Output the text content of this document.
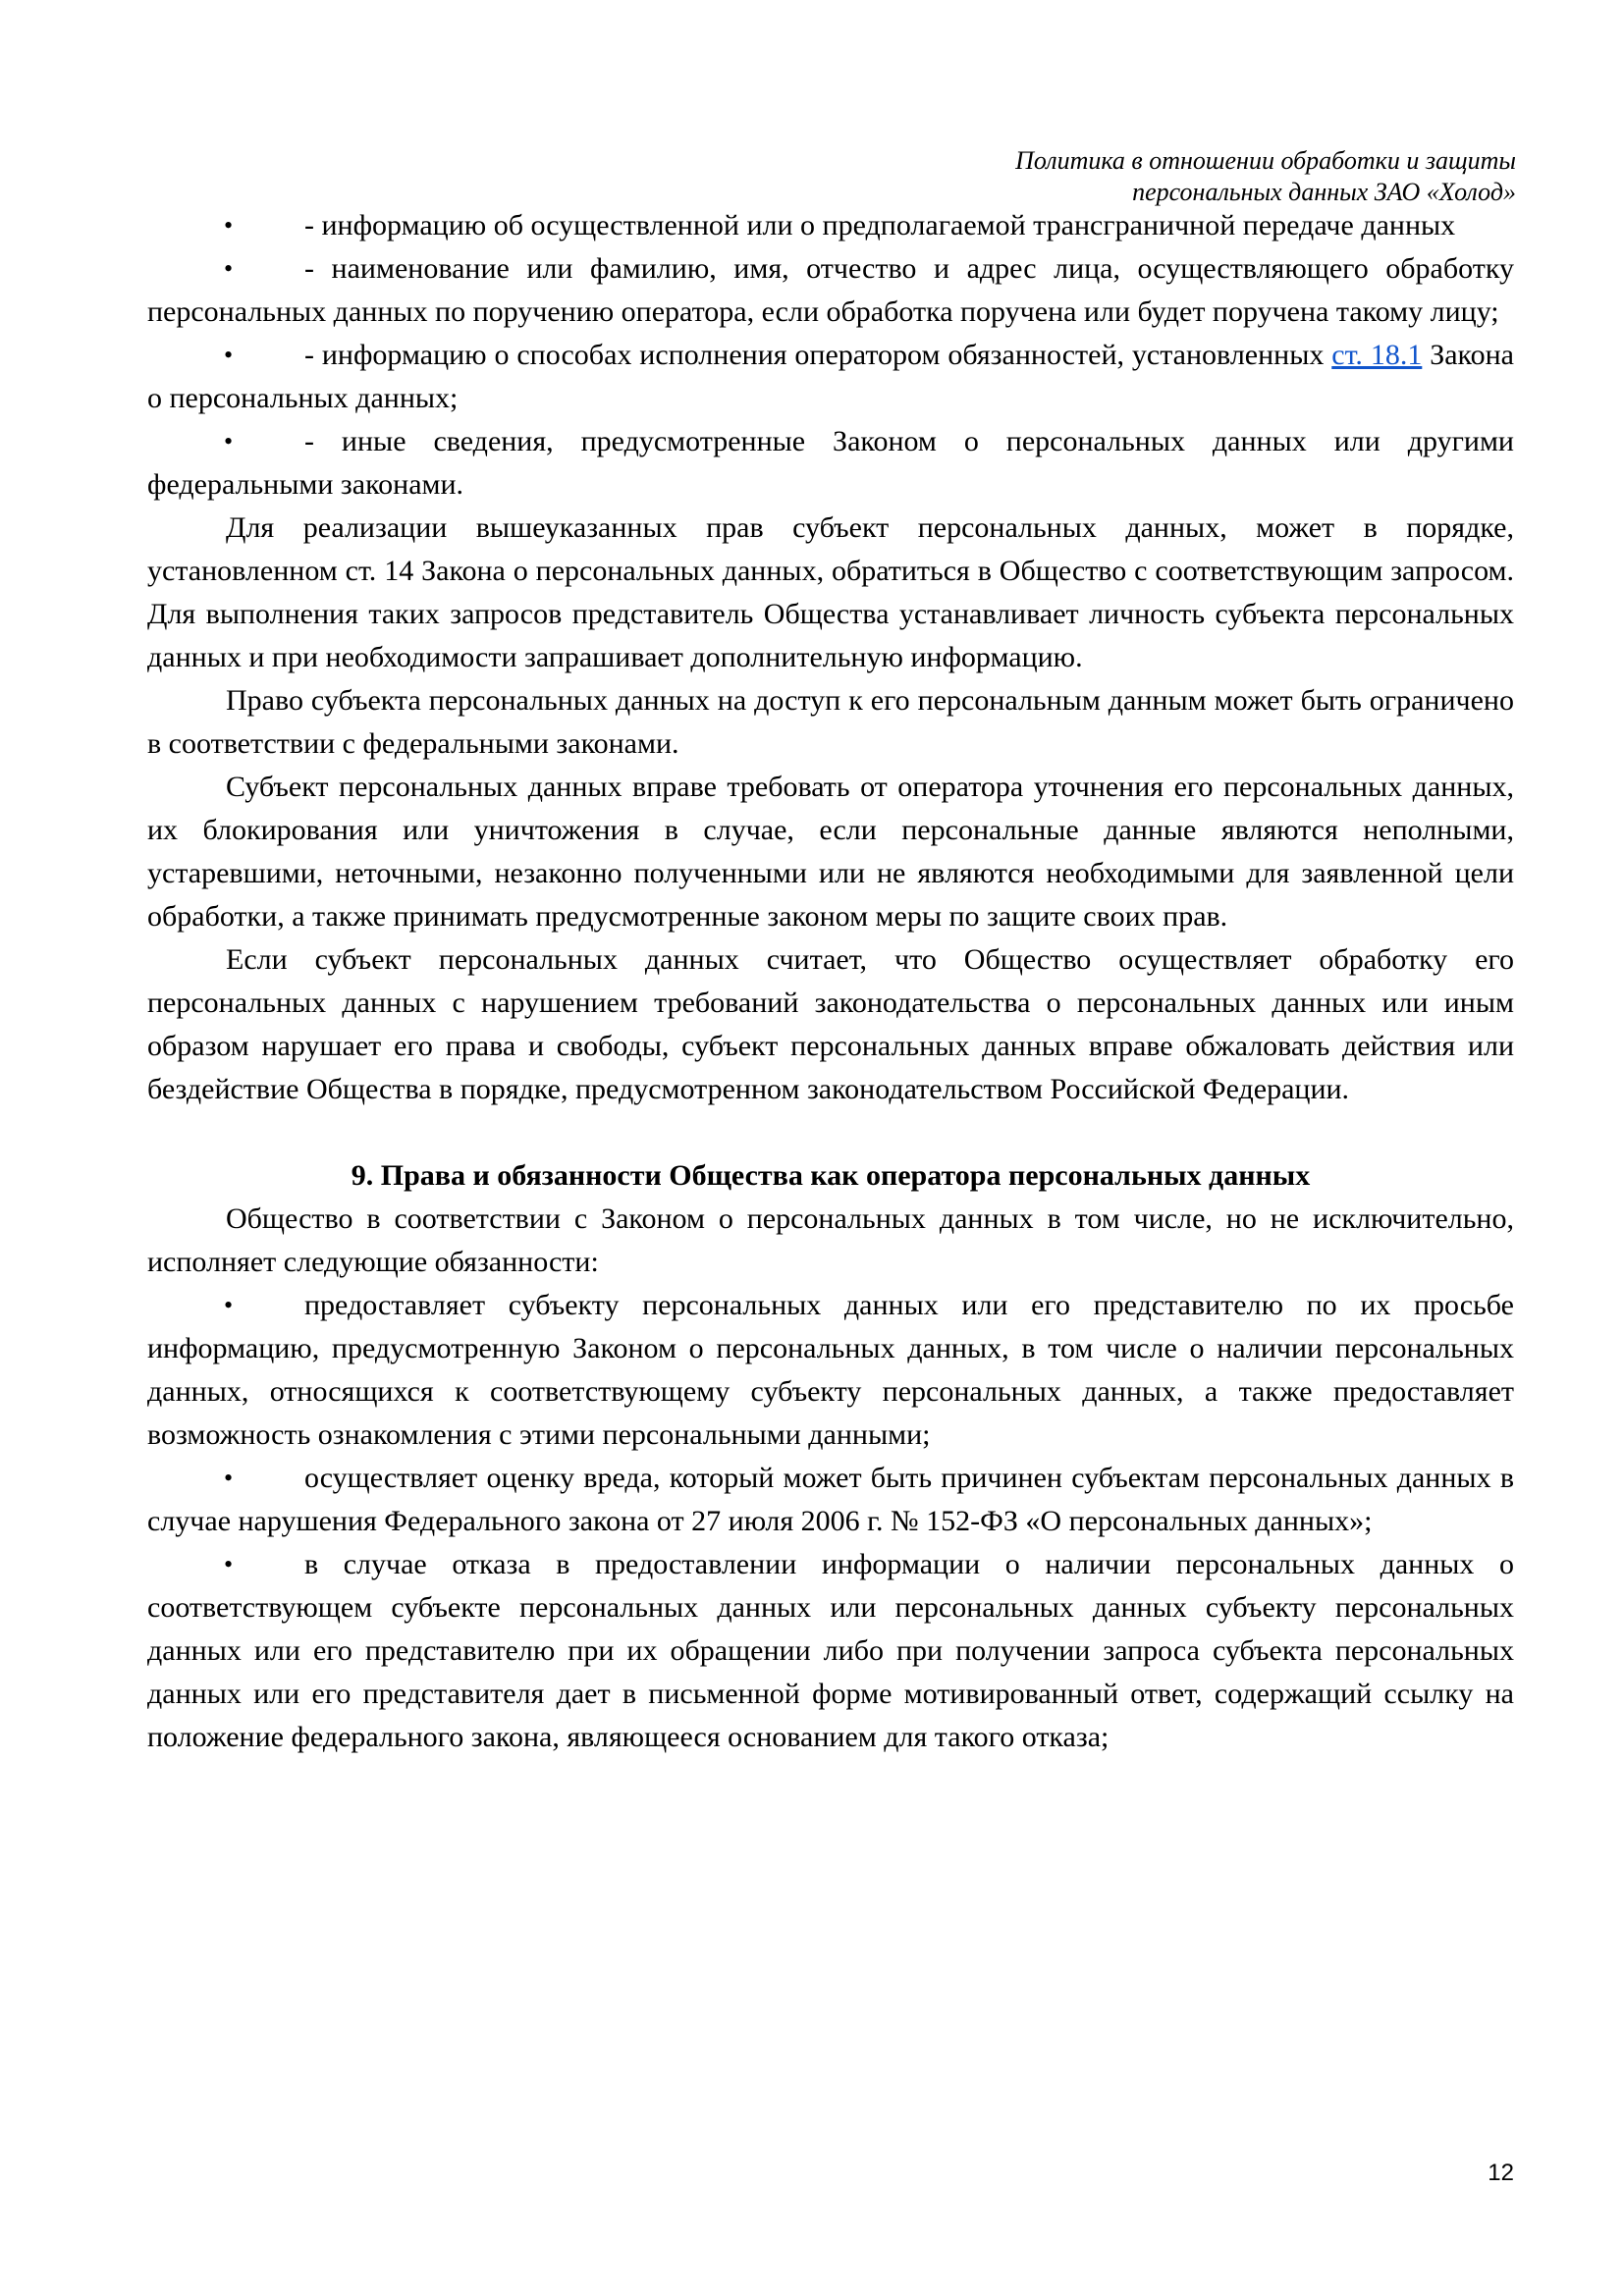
Политика в отношении обработки и защиты
персональных данных ЗАО «Холод»

• - информацию об осуществленной или о предполагаемой трансграничной передаче данных

• - наименование или фамилию, имя, отчество и адрес лица, осуществляющего обработку персональных данных по поручению оператора, если обработка поручена или будет поручена такому лицу;

• - информацию о способах исполнения оператором обязанностей, установленных ст. 18.1 Закона о персональных данных;

• - иные сведения, предусмотренные Законом о персональных данных или другими федеральными законами.

Для реализации вышеуказанных прав субъект персональных данных, может в порядке, установленном ст. 14 Закона о персональных данных, обратиться в Общество с соответствующим запросом. Для выполнения таких запросов представитель Общества устанавливает личность субъекта персональных данных и при необходимости запрашивает дополнительную информацию.

Право субъекта персональных данных на доступ к его персональным данным может быть ограничено в соответствии с федеральными законами.

Субъект персональных данных вправе требовать от оператора уточнения его персональных данных, их блокирования или уничтожения в случае, если персональные данные являются неполными, устаревшими, неточными, незаконно полученными или не являются необходимыми для заявленной цели обработки, а также принимать предусмотренные законом меры по защите своих прав.

Если субъект персональных данных считает, что Общество осуществляет обработку его персональных данных с нарушением требований законодательства о персональных данных или иным образом нарушает его права и свободы, субъект персональных данных вправе обжаловать действия или бездействие Общества в порядке, предусмотренном законодательством Российской Федерации.

9. Права и обязанности Общества как оператора персональных данных

Общество в соответствии с Законом о персональных данных в том числе, но не исключительно, исполняет следующие обязанности:

• предоставляет субъекту персональных данных или его представителю по их просьбе информацию, предусмотренную Законом о персональных данных, в том числе о наличии персональных данных, относящихся к соответствующему субъекту персональных данных, а также предоставляет возможность ознакомления с этими персональными данными;

• осуществляет оценку вреда, который может быть причинен субъектам персональных данных в случае нарушения Федерального закона от 27 июля 2006 г. № 152-ФЗ «О персональных данных»;

• в случае отказа в предоставлении информации о наличии персональных данных о соответствующем субъекте персональных данных или персональных данных субъекту персональных данных или его представителю при их обращении либо при получении запроса субъекта персональных данных или его представителя дает в письменной форме мотивированный ответ, содержащий ссылку на положение федерального закона, являющееся основанием для такого отказа;

12
